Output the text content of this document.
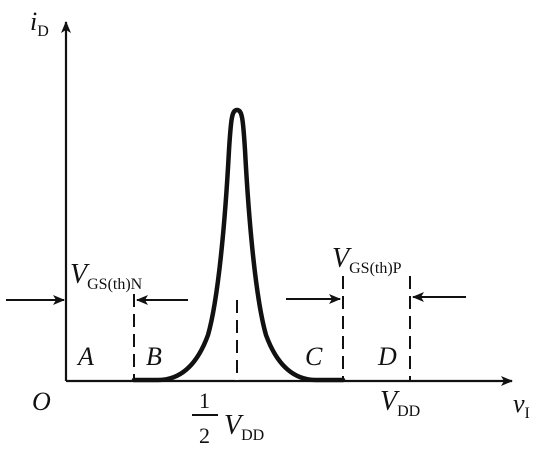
iD
vI
O
VGS(th)N
VGS(th)P
A B	C D
1
2 VDD
VDD
